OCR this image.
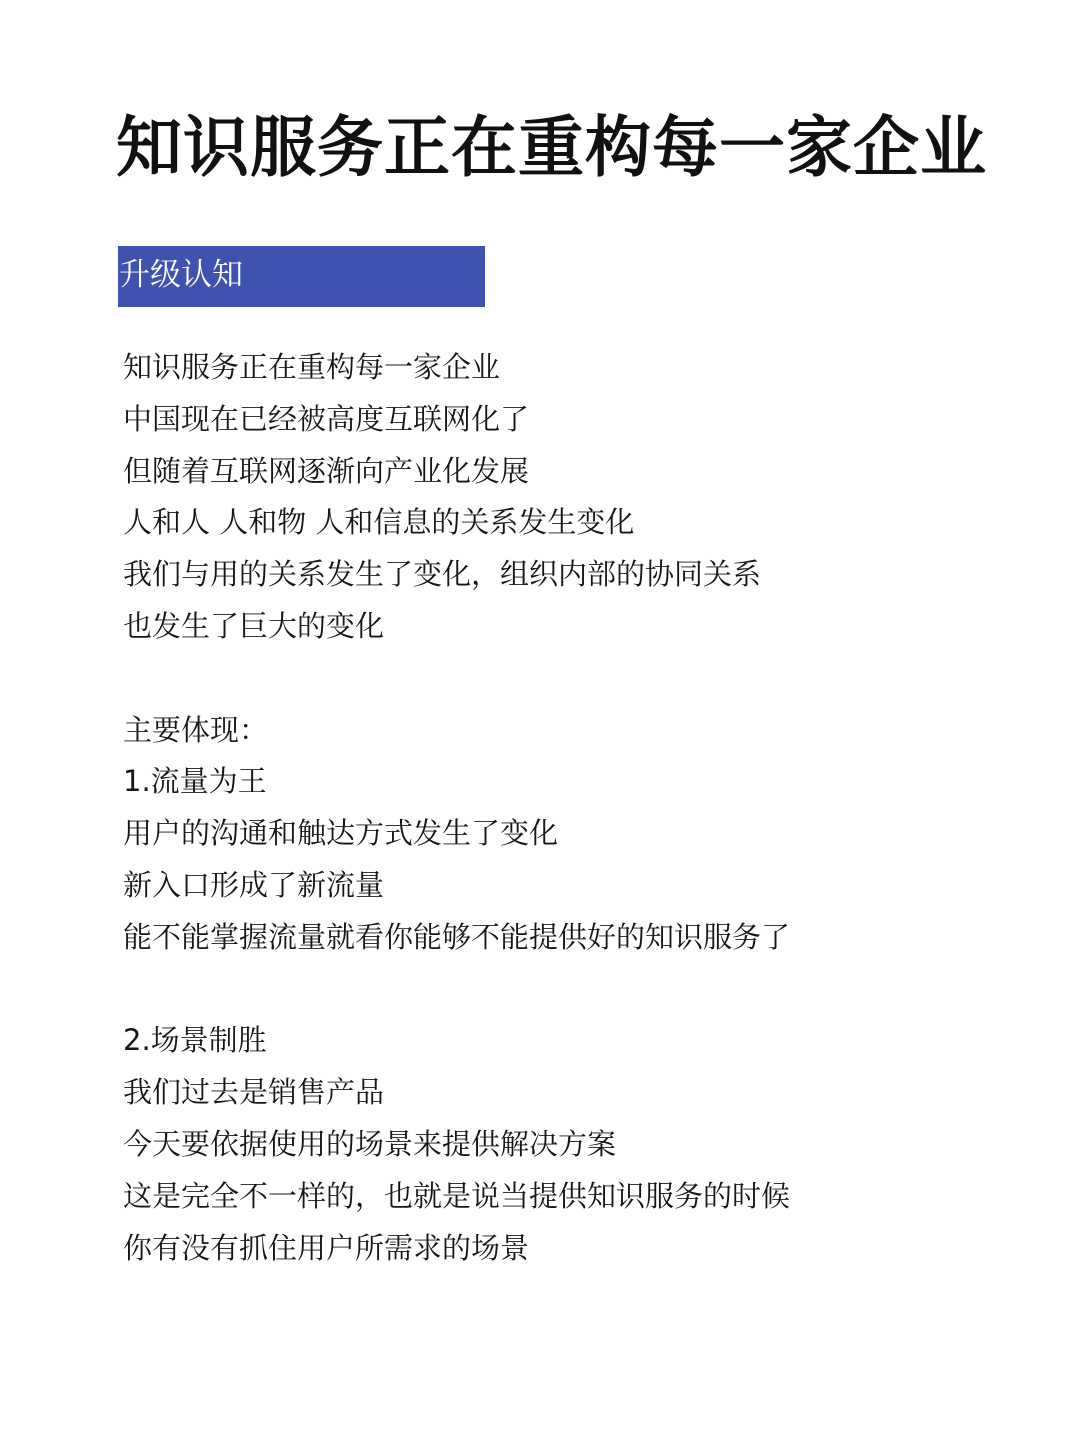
知识服务正在重构每一家企业
升级认知
知识服务正在重构每一家企业
中国现在已经被高度互联网化了
但随着互联网逐渐向产业化发展
人和人 人和物 人和信息的关系发生变化
我们与用的关系发生了变化，组织内部的协同关系
也发生了巨大的变化
主要体现：
1.流量为王
用户的沟通和触达方式发生了变化
新入口形成了新流量
能不能掌握流量就看你能够不能提供好的知识服务了
2.场景制胜
我们过去是销售产品
今天要依据使用的场景来提供解决方案
这是完全不一样的，也就是说当提供知识服务的时候
你有没有抓住用户所需求的场景
